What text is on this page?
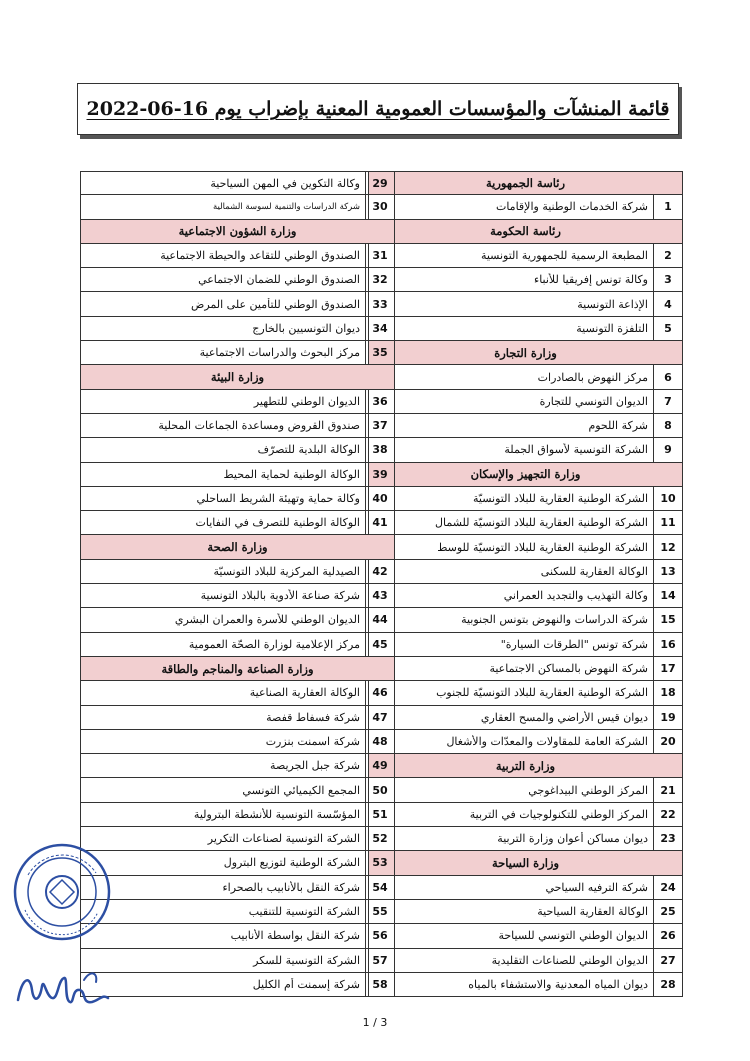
قائمة المنشآت والمؤسسات العمومية المعنية بإضراب يوم 16-06-2022
رئاسة الجمهورية
1
شركة الخدمات الوطنية والإقامات
رئاسة الحكومة
2
المطبعة الرسمية للجمهورية التونسية
3
وكالة تونس إفريقيا للأنباء
4
الإذاعة التونسية
5
التلفزة التونسية
وزارة التجارة
6
مركز النهوض بالصادرات
7
الديوان التونسي للتجارة
8
شركة اللحوم
9
الشركة التونسية لأسواق الجملة
وزارة التجهيز والإسكان
10
الشركة الوطنية العقارية للبلاد التونسيّة
11
الشركة الوطنية العقارية للبلاد التونسيّة للشمال
12
الشركة الوطنية العقارية للبلاد التونسيّة للوسط
13
الوكالة العقارية للسكنى
14
وكالة التهذيب والتجديد العمراني
15
شركة الدراسات والنهوض بتونس الجنوبية
16
شركة تونس "الطرقات السيارة"
17
شركة النهوض بالمساكن الاجتماعية
18
الشركة الوطنية العقارية للبلاد التونسيّة للجنوب
19
ديوان قيس الأراضي والمسح العقاري
20
الشركة العامة للمقاولات والمعدّات والأشغال
وزارة التربية
21
المركز الوطني البيداغوجي
22
المركز الوطني للتكنولوجيات في التربية
23
ديوان مساكن أعوان وزارة التربية
وزارة السياحة
24
شركة الترفيه السياحي
25
الوكالة العقارية السياحية
26
الديوان الوطني التونسي للسياحة
27
الديوان الوطني للصناعات التقليدية
28
ديوان المياه المعدنية والاستشفاء بالمياه
29
وكالة التكوين في المهن السياحية
30
شركة الدراسات والتنمية لسوسة الشمالية
وزارة الشؤون الاجتماعية
31
الصندوق الوطني للتقاعد والحيطة الاجتماعية
32
الصندوق الوطني للضمان الاجتماعي
33
الصندوق الوطني للتأمين على المرض
34
ديوان التونسيين بالخارج
35
مركز البحوث والدراسات الاجتماعية
وزارة البيئة
36
الديوان الوطني للتطهير
37
صندوق القروض ومساعدة الجماعات المحلية
38
الوكالة البلدية للتصرّف
39
الوكالة الوطنية لحماية المحيط
40
وكالة حماية وتهيئة الشريط الساحلي
41
الوكالة الوطنية للتصرف في النفايات
وزارة الصحة
42
الصيدلية المركزية للبلاد التونسيّة
43
شركة صناعة الأدوية بالبلاد التونسية
44
الديوان الوطني للأسرة والعمران البشري
45
مركز الإعلامية لوزارة الصحّة العمومية
وزارة الصناعة والمناجم والطاقة
46
الوكالة العقارية الصناعية
47
شركة فسفاط قفصة
48
شركة اسمنت بنزرت
49
شركة جبل الجريصة
50
المجمع الكيميائي التونسي
51
المؤسّسة التونسية للأنشطة البترولية
52
الشركة التونسية لصناعات التكرير
53
الشركة الوطنية لتوزيع البترول
54
شركة النقل بالأنابيب بالصحراء
55
الشركة التونسية للتنقيب
56
شركة النقل بواسطة الأنابيب
57
الشركة التونسية للسكر
58
شركة إسمنت أم الكليل
1 / 3
